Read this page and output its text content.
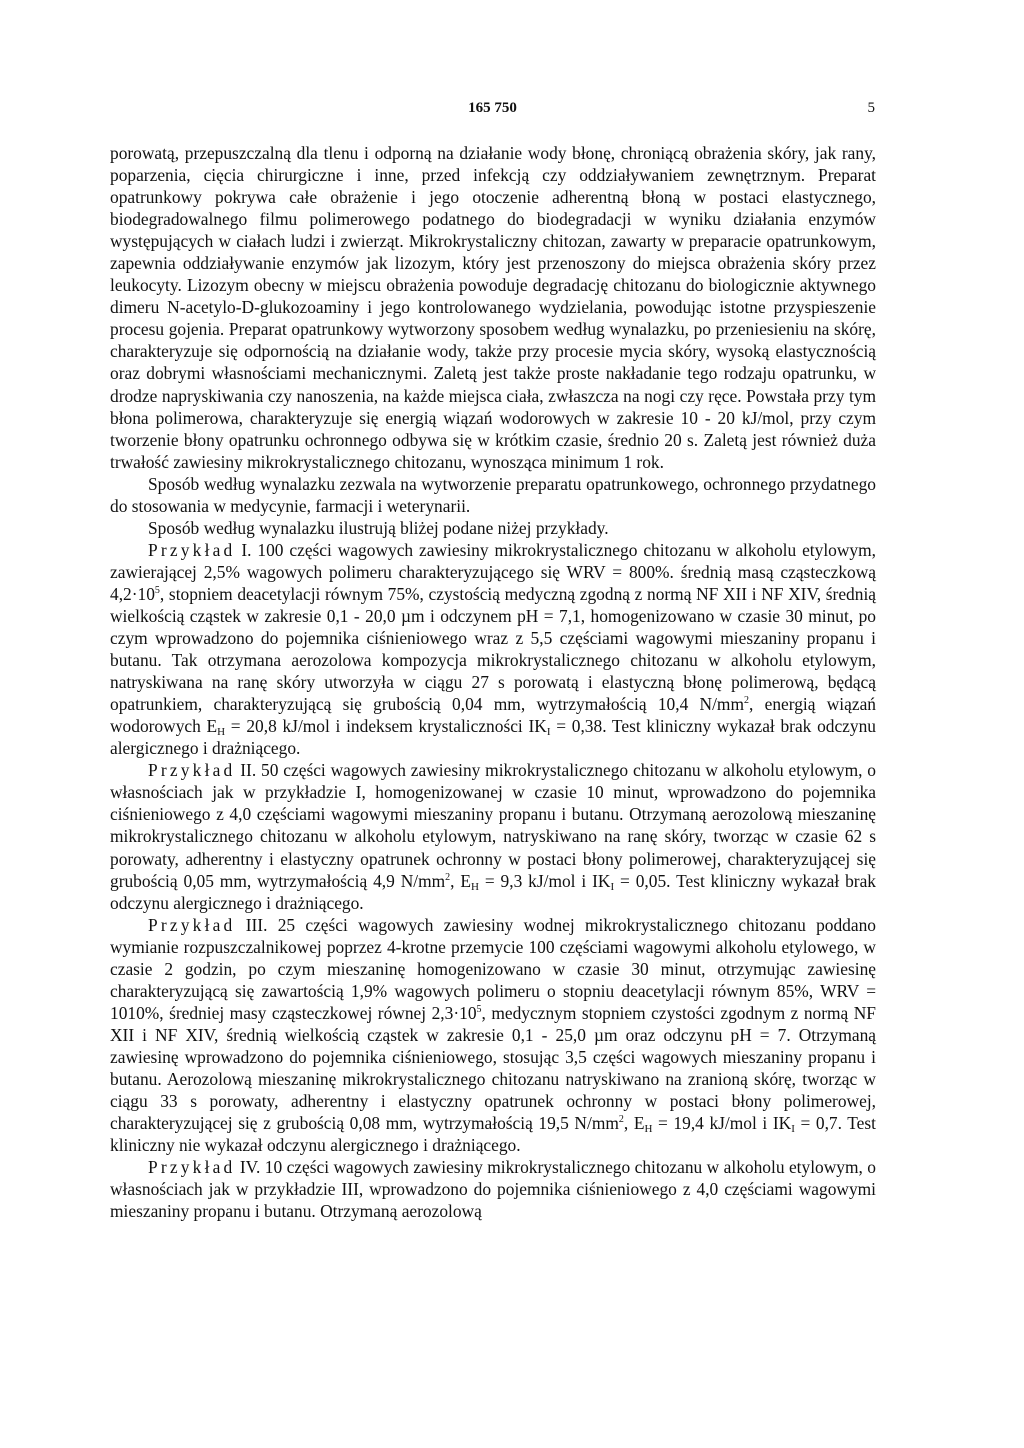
165 750	5

porowatą, przepuszczalną dla tlenu i odporną na działanie wody błonę, chroniącą obrażenia skóry, jak rany, poparzenia, cięcia chirurgiczne i inne, przed infekcją czy oddziaływaniem zewnętrznym. Preparat opatrunkowy pokrywa całe obrażenie i jego otoczenie adherentną błoną w postaci elastycznego, biodegradowalnego filmu polimerowego podatnego do biodegradacji w wyniku działania enzymów występujących w ciałach ludzi i zwierząt. Mikrokrystaliczny chitozan, zawarty w preparacie opatrunkowym, zapewnia oddziaływanie enzymów jak lizozym, który jest przenoszony do miejsca obrażenia skóry przez leukocyty. Lizozym obecny w miejscu obrażenia powoduje degradację chitozanu do biologicznie aktywnego dimeru N-acetylo-D-glukozoaminy i jego kontrolowanego wydzielania, powodując istotne przyspieszenie procesu gojenia. Preparat opatrunkowy wytworzony sposobem według wynalazku, po przeniesieniu na skórę, charakteryzuje się odpornością na działanie wody, także przy procesie mycia skóry, wysoką elastycznością oraz dobrymi własnościami mechanicznymi. Zaletą jest także proste nakładanie tego rodzaju opatrunku, w drodze napryskiwania czy nanoszenia, na każde miejsca ciała, zwłaszcza na nogi czy ręce. Powstała przy tym błona polimerowa, charakteryzuje się energią wiązań wodorowych w zakresie 10 - 20 kJ/mol, przy czym tworzenie błony opatrunku ochronnego odbywa się w krótkim czasie, średnio 20 s. Zaletą jest również duża trwałość zawiesiny mikrokrystalicznego chitozanu, wynosząca minimum 1 rok.

Sposób według wynalazku zezwala na wytworzenie preparatu opatrunkowego, ochronnego przydatnego do stosowania w medycynie, farmacji i weterynarii.

Sposób według wynalazku ilustrują bliżej podane niżej przykłady.

Przykład I. 100 części wagowych zawiesiny mikrokrystalicznego chitozanu w alkoholu etylowym, zawierającej 2,5% wagowych polimeru charakteryzującego się WRV = 800%. średnią masą cząsteczkową $4,2\cdot 10^5$, stopniem deacetylacji równym 75%, czystością medyczną zgodną z normą NF XII i NF XIV, średnią wielkością cząstek w zakresie 0,1 - 20,0 µm i odczynem pH = 7,1, homogenizowano w czasie 30 minut, po czym wprowadzono do pojemnika ciśnieniowego wraz z 5,5 częściami wagowymi mieszaniny propanu i butanu. Tak otrzymana aerozolowa kompozycja mikrokrystalicznego chitozanu w alkoholu etylowym, natryskiwana na ranę skóry utworzyła w ciągu 27 s porowatą i elastyczną błonę polimerową, będącą opatrunkiem, charakteryzującą się grubością 0,04 mm, wytrzymałością 10,4 $N/mm^2$, energią wiązań wodorowych $E_H = 20,8$ kJ/mol i indeksem krystaliczności $IK_I = 0,38$. Test kliniczny wykazał brak odczynu alergicznego i drażniącego.

Przykład II. 50 części wagowych zawiesiny mikrokrystalicznego chitozanu w alkoholu etylowym, o własnościach jak w przykładzie I, homogenizowanej w czasie 10 minut, wprowadzono do pojemnika ciśnieniowego z 4,0 częściami wagowymi mieszaniny propanu i butanu. Otrzymaną aerozolową mieszaninę mikrokrystalicznego chitozanu w alkoholu etylowym, natryskiwano na ranę skóry, tworząc w czasie 62 s porowaty, adherentny i elastyczny opatrunek ochronny w postaci błony polimerowej, charakteryzującej się grubością 0,05 mm, wytrzymałością 4,9 $N/mm^2$, $E_H = 9,3$ kJ/mol i $IK_I = 0,05$. Test kliniczny wykazał brak odczynu alergicznego i drażniącego.

Przykład III. 25 części wagowych zawiesiny wodnej mikrokrystalicznego chitozanu poddano wymianie rozpuszczalnikowej poprzez 4-krotne przemycie 100 częściami wagowymi alkoholu etylowego, w czasie 2 godzin, po czym mieszaninę homogenizowano w czasie 30 minut, otrzymując zawiesinę charakteryzującą się zawartością 1,9% wagowych polimeru o stopniu deacetylacji równym 85%, WRV = 1010%, średniej masy cząsteczkowej równej $2,3\cdot 10^5$, medycznym stopniem czystości zgodnym z normą NF XII i NF XIV, średnią wielkością cząstek w zakresie 0,1 - 25,0 µm oraz odczynu pH = 7. Otrzymaną zawiesinę wprowadzono do pojemnika ciśnieniowego, stosując 3,5 części wagowych mieszaniny propanu i butanu. Aerozolową mieszaninę mikrokrystalicznego chitozanu natryskiwano na zranioną skórę, tworząc w ciągu 33 s porowaty, adherentny i elastyczny opatrunek ochronny w postaci błony polimerowej, charakteryzującej się z grubością 0,08 mm, wytrzymałością 19,5 $N/mm^2$, $E_H = 19,4$ kJ/mol i $IK_I = 0,7$. Test kliniczny nie wykazał odczynu alergicznego i drażniącego.

Przykład IV. 10 części wagowych zawiesiny mikrokrystalicznego chitozanu w alkoholu etylowym, o własnościach jak w przykładzie III, wprowadzono do pojemnika ciśnieniowego z 4,0 częściami wagowymi mieszaniny propanu i butanu. Otrzymaną aerozolową
